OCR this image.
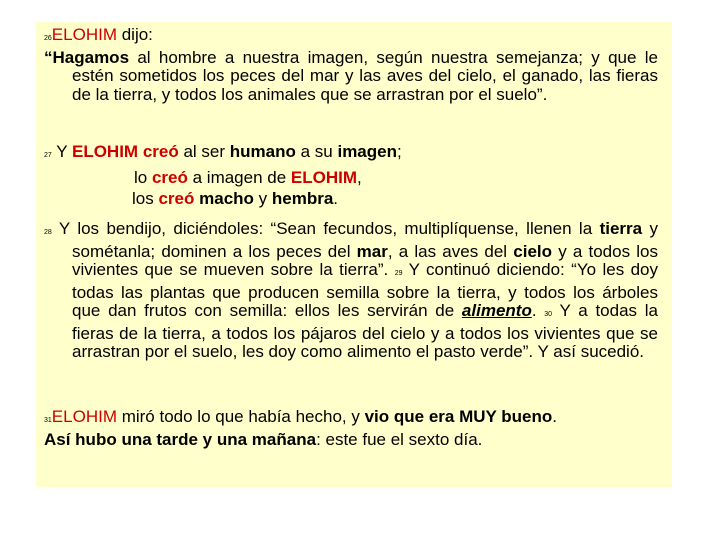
26ELOHIM dijo:
“Hagamos al hombre a nuestra imagen, según nuestra semejanza; y que le estén sometidos los peces del mar y las aves del cielo, el ganado, las fieras de la tierra, y todos los animales que se arrastran por el suelo”.
27 Y ELOHIM creó al ser humano a su imagen;
lo creó a imagen de ELOHIM,
los creó macho y hembra.
28 Y los bendijo, diciéndoles: “Sean fecundos, multiplíquense, llenen la tierra y sométanla; dominen a los peces del mar, a las aves del cielo y a todos los vivientes que se mueven sobre la tierra”. 29 Y continuó diciendo: “Yo les doy todas las plantas que producen semilla sobre la tierra, y todos los árboles que dan frutos con semilla: ellos les servirán de alimento. 30 Y a todas la fieras de la tierra, a todos los pájaros del cielo y a todos los vivientes que se arrastran por el suelo, les doy como alimento el pasto verde”. Y así sucedió.
31ELOHIM miró todo lo que había hecho, y vio que era MUY bueno.
Así hubo una tarde y una mañana: este fue el sexto día.
